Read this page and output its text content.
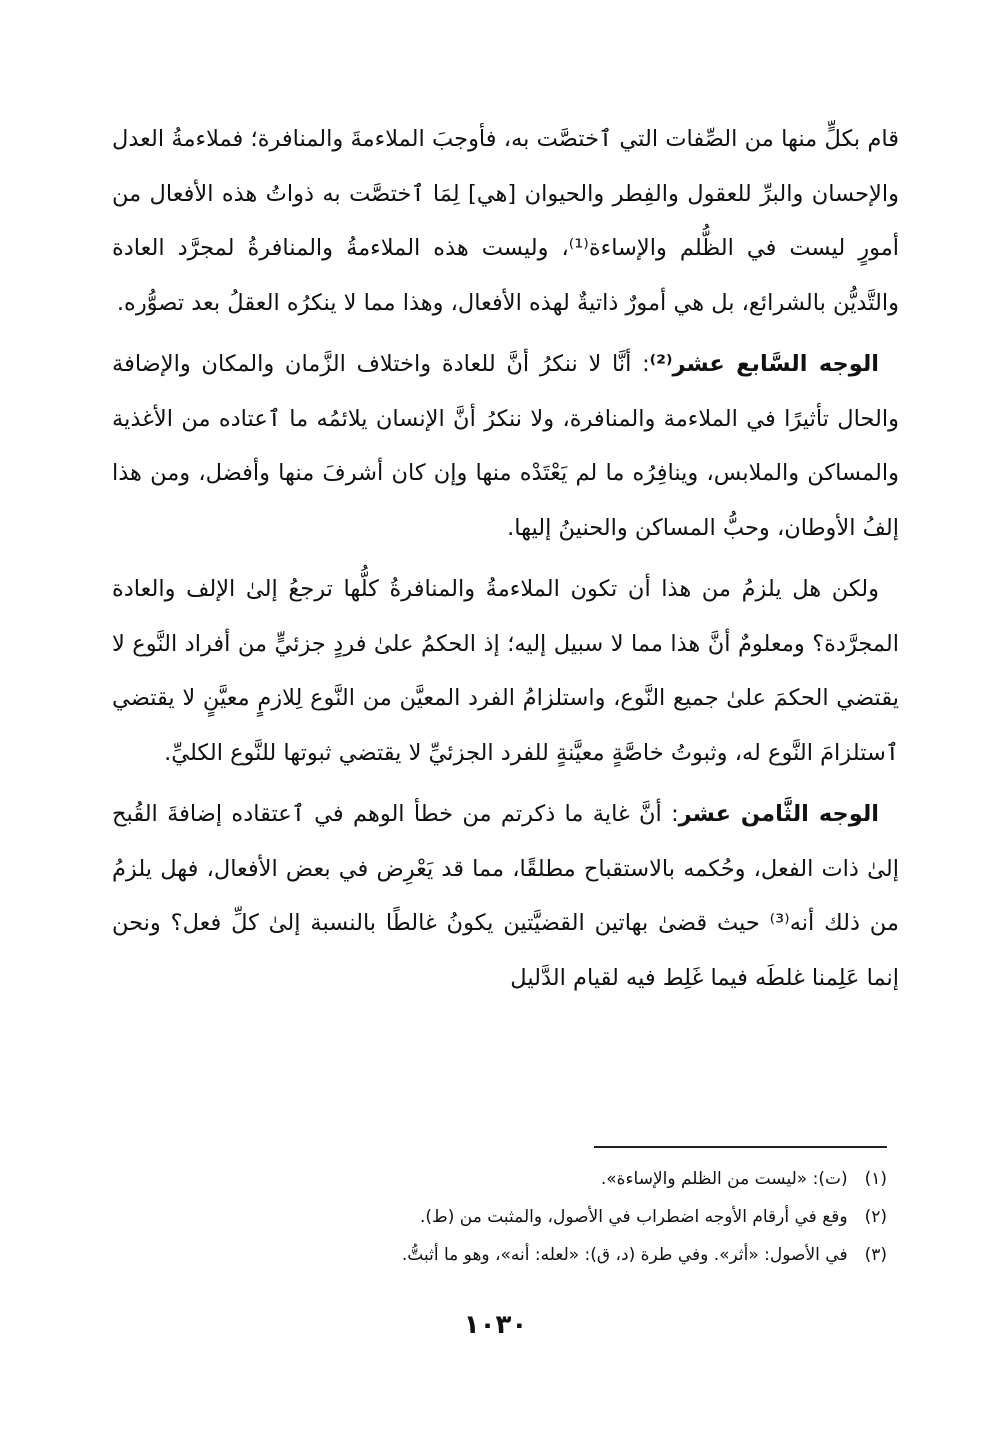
قام بكلٍّ منها من الصِّفات التي ٱختصَّت به، فأوجبَ الملاءمةَ والمنافرة؛ فملاءمةُ العدل والإحسان والبرِّ للعقول والفِطر والحيوان [هي] لِمَا ٱختصَّت به ذواتُ هذه الأفعال من أمورٍ ليست في الظُّلم والإساءة⁽¹⁾، وليست هذه الملاءمةُ والمنافرةُ لمجرَّد العادة والتَّديُّن بالشرائع، بل هي أمورٌ ذاتيةٌ لهذه الأفعال، وهذا مما لا ينكرُه العقلُ بعد تصوُّره.

الوجه السَّابع عشر⁽²⁾: أنَّا لا ننكرُ أنَّ للعادة واختلاف الزَّمان والمكان والإضافة والحال تأثيرًا في الملاءمة والمنافرة، ولا ننكرُ أنَّ الإنسان يلائمُه ما ٱعتاده من الأغذية والمساكن والملابس، وينافِرُه ما لم يَعْتَدْه منها وإن كان أشرفَ منها وأفضل، ومن هذا إلفُ الأوطان، وحبُّ المساكن والحنينُ إليها.

ولكن هل يلزمُ من هذا أن تكون الملاءمةُ والمنافرةُ كلُّها ترجعُ إلىٰ الإلف والعادة المجرَّدة؟ ومعلومٌ أنَّ هذا مما لا سبيل إليه؛ إذ الحكمُ علىٰ فردٍ جزئيٍّ من أفراد النَّوع لا يقتضي الحكمَ علىٰ جميع النَّوع، واستلزامُ الفرد المعيَّن من النَّوع لِلازمٍ معيَّنٍ لا يقتضي ٱستلزامَ النَّوع له، وثبوتُ خاصَّةٍ معيَّنةٍ للفرد الجزئيِّ لا يقتضي ثبوتها للنَّوع الكليِّ.

الوجه الثَّامن عشر: أنَّ غاية ما ذكرتم من خطأ الوهم في ٱعتقاده إضافةَ القُبح إلىٰ ذات الفعل، وحُكمه بالاستقباح مطلقًا، مما قد يَعْرِض في بعض الأفعال، فهل يلزمُ من ذلك أنه⁽³⁾ حيث قضىٰ بهاتين القضيَّتين يكونُ غالطًا بالنسبة إلىٰ كلِّ فعل؟ ونحن إنما عَلِمنا غلطَه فيما غَلِط فيه لقيام الدَّليل

(١) (ت): «ليست من الظلم والإساءة».

(٢) وقع في أرقام الأوجه اضطراب في الأصول، والمثبت من (ط).

(٣) في الأصول: «أثر». وفي طرة (د، ق): «لعله: أنه»، وهو ما أثبتُّ.

١٠٣٠
